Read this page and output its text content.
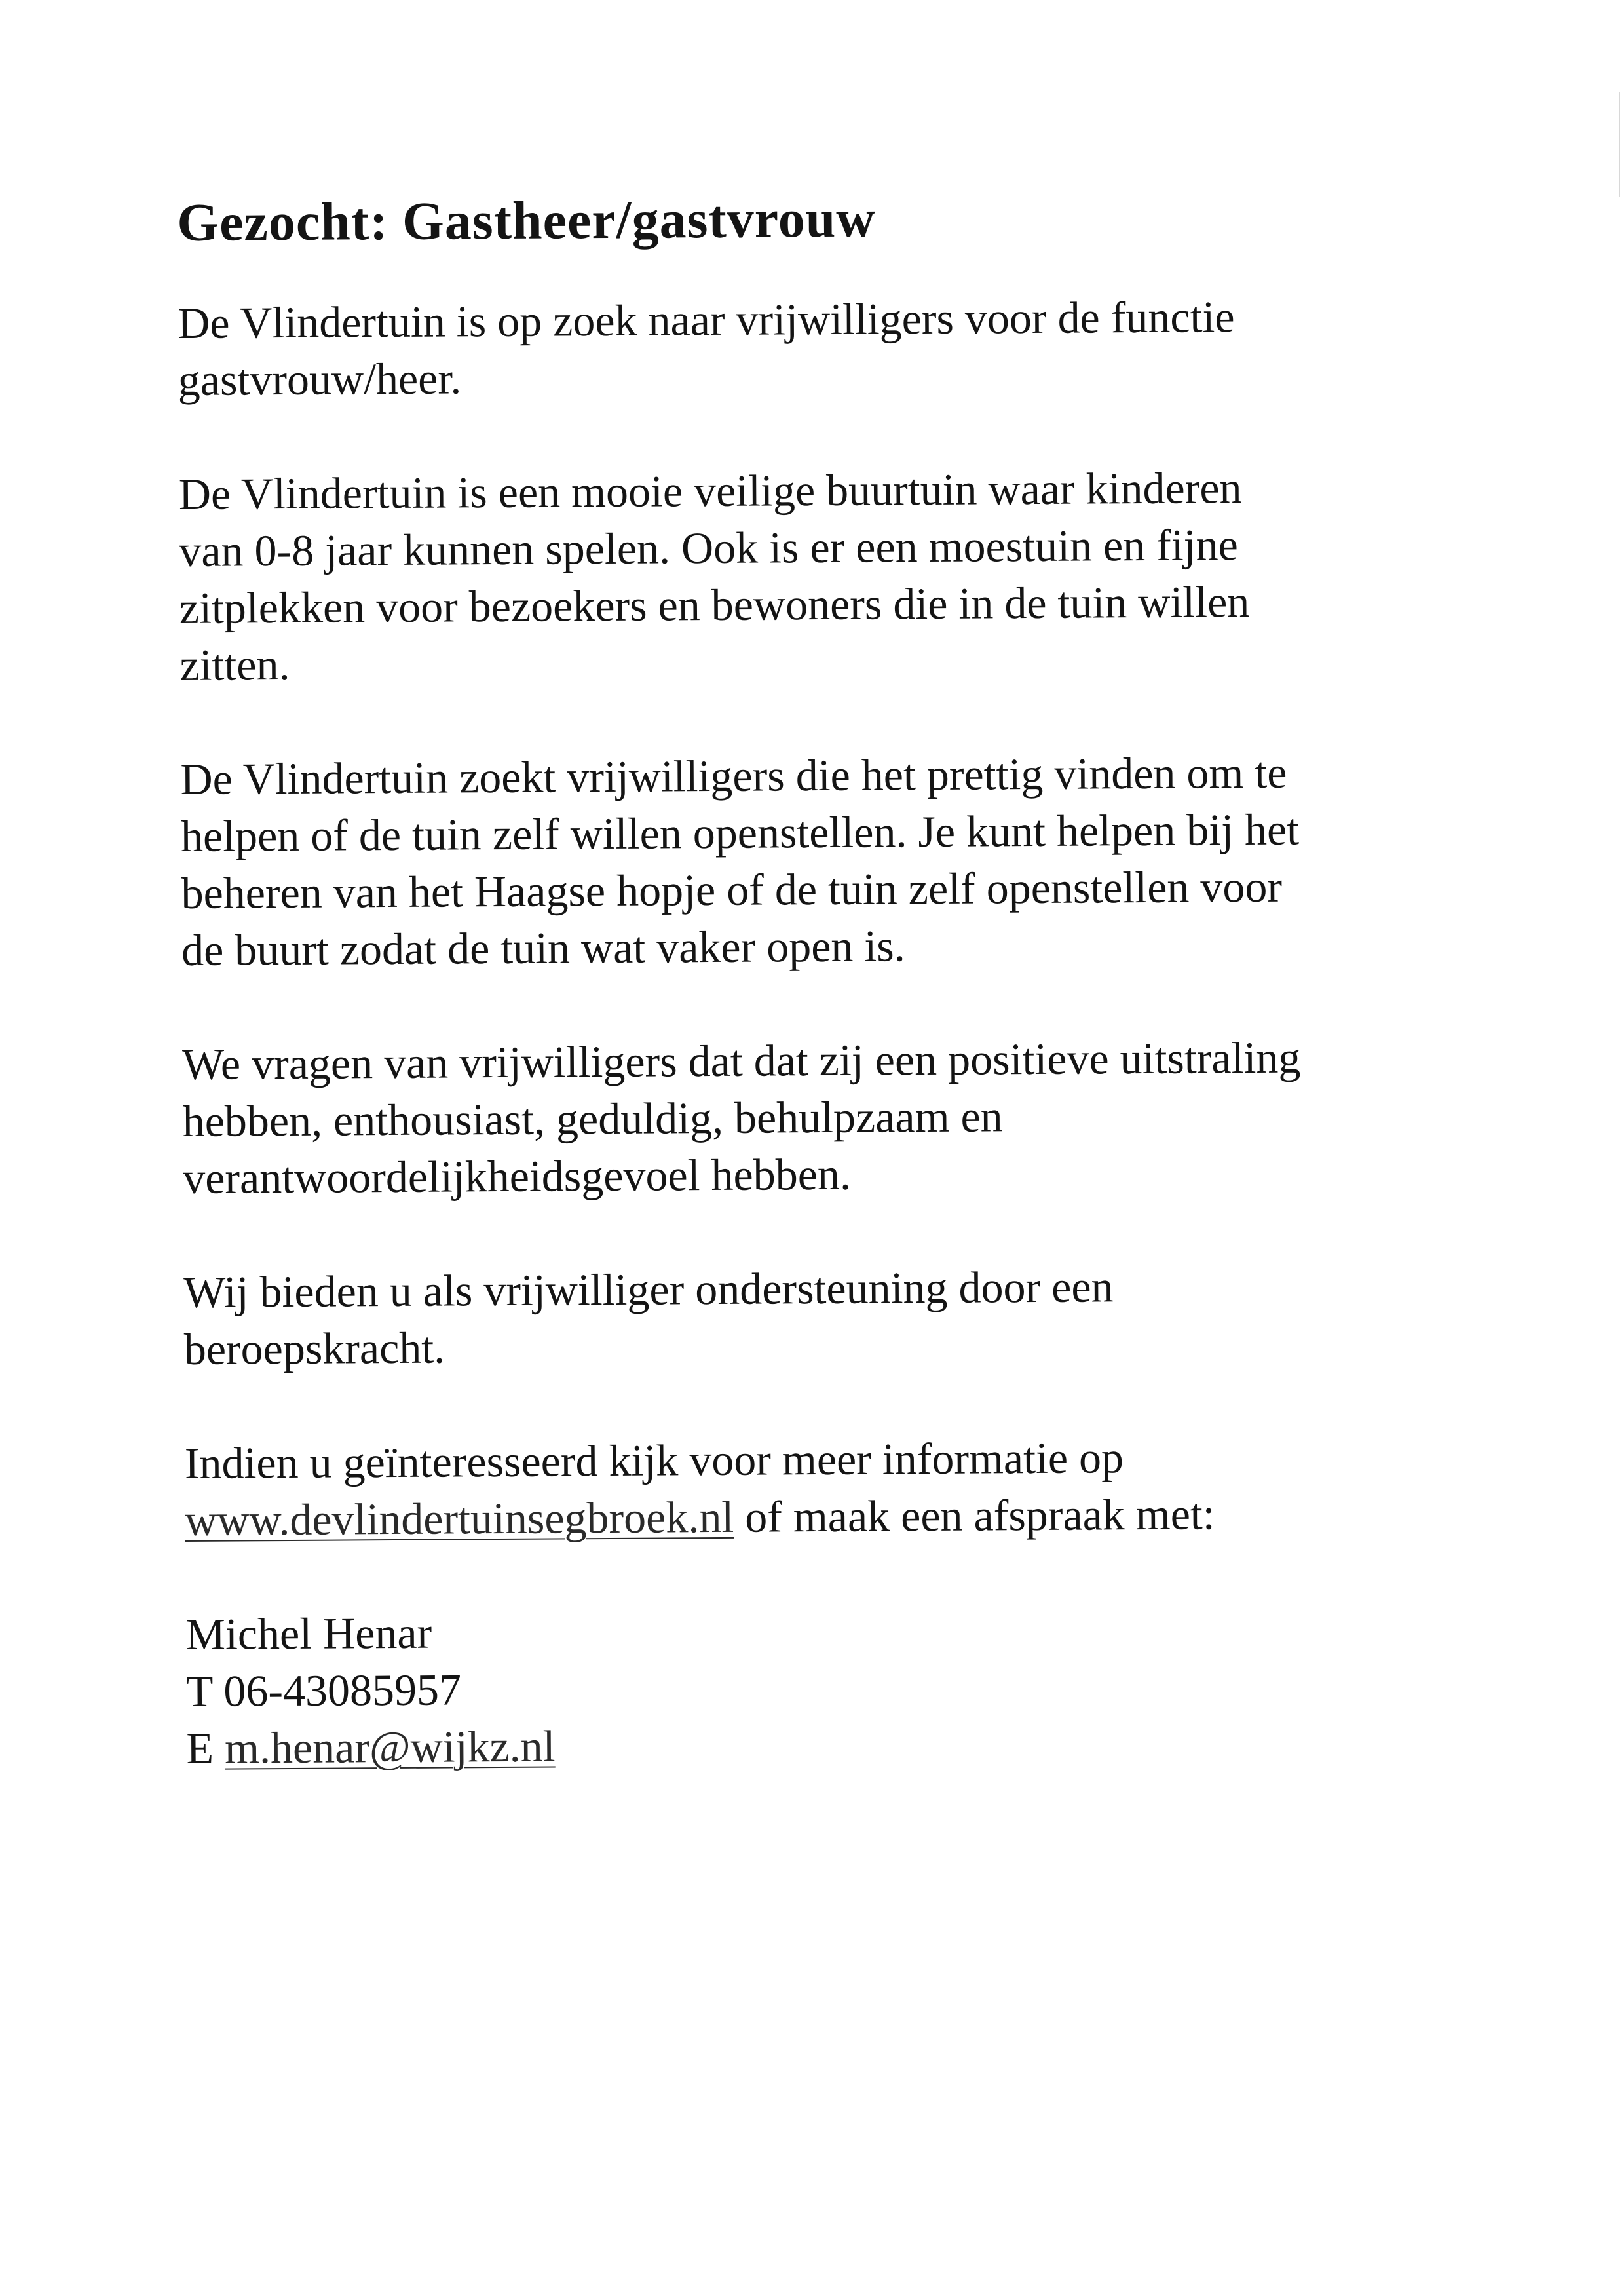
Gezocht: Gastheer/gastvrouw
De Vlindertuin is op zoek naar vrijwilligers voor de functie
gastvrouw/heer.
De Vlindertuin is een mooie veilige buurtuin waar kinderen
van 0-8 jaar kunnen spelen. Ook is er een moestuin en fijne
zitplekken voor bezoekers en bewoners die in de tuin willen
zitten.
De Vlindertuin zoekt vrijwilligers die het prettig vinden om te
helpen of de tuin zelf willen openstellen. Je kunt helpen bij het
beheren van het Haagse hopje of de tuin zelf openstellen voor
de buurt zodat de tuin wat vaker open is.
We vragen van vrijwilligers dat dat zij een positieve uitstraling
hebben, enthousiast, geduldig, behulpzaam en
verantwoordelijkheidsgevoel hebben.
Wij bieden u als vrijwilliger ondersteuning door een
beroepskracht.
Indien u geïnteresseerd kijk voor meer informatie op
www.devlindertuinsegbroek.nl of maak een afspraak met:
Michel Henar
T 06-43085957
E m.henar@wijkz.nl
